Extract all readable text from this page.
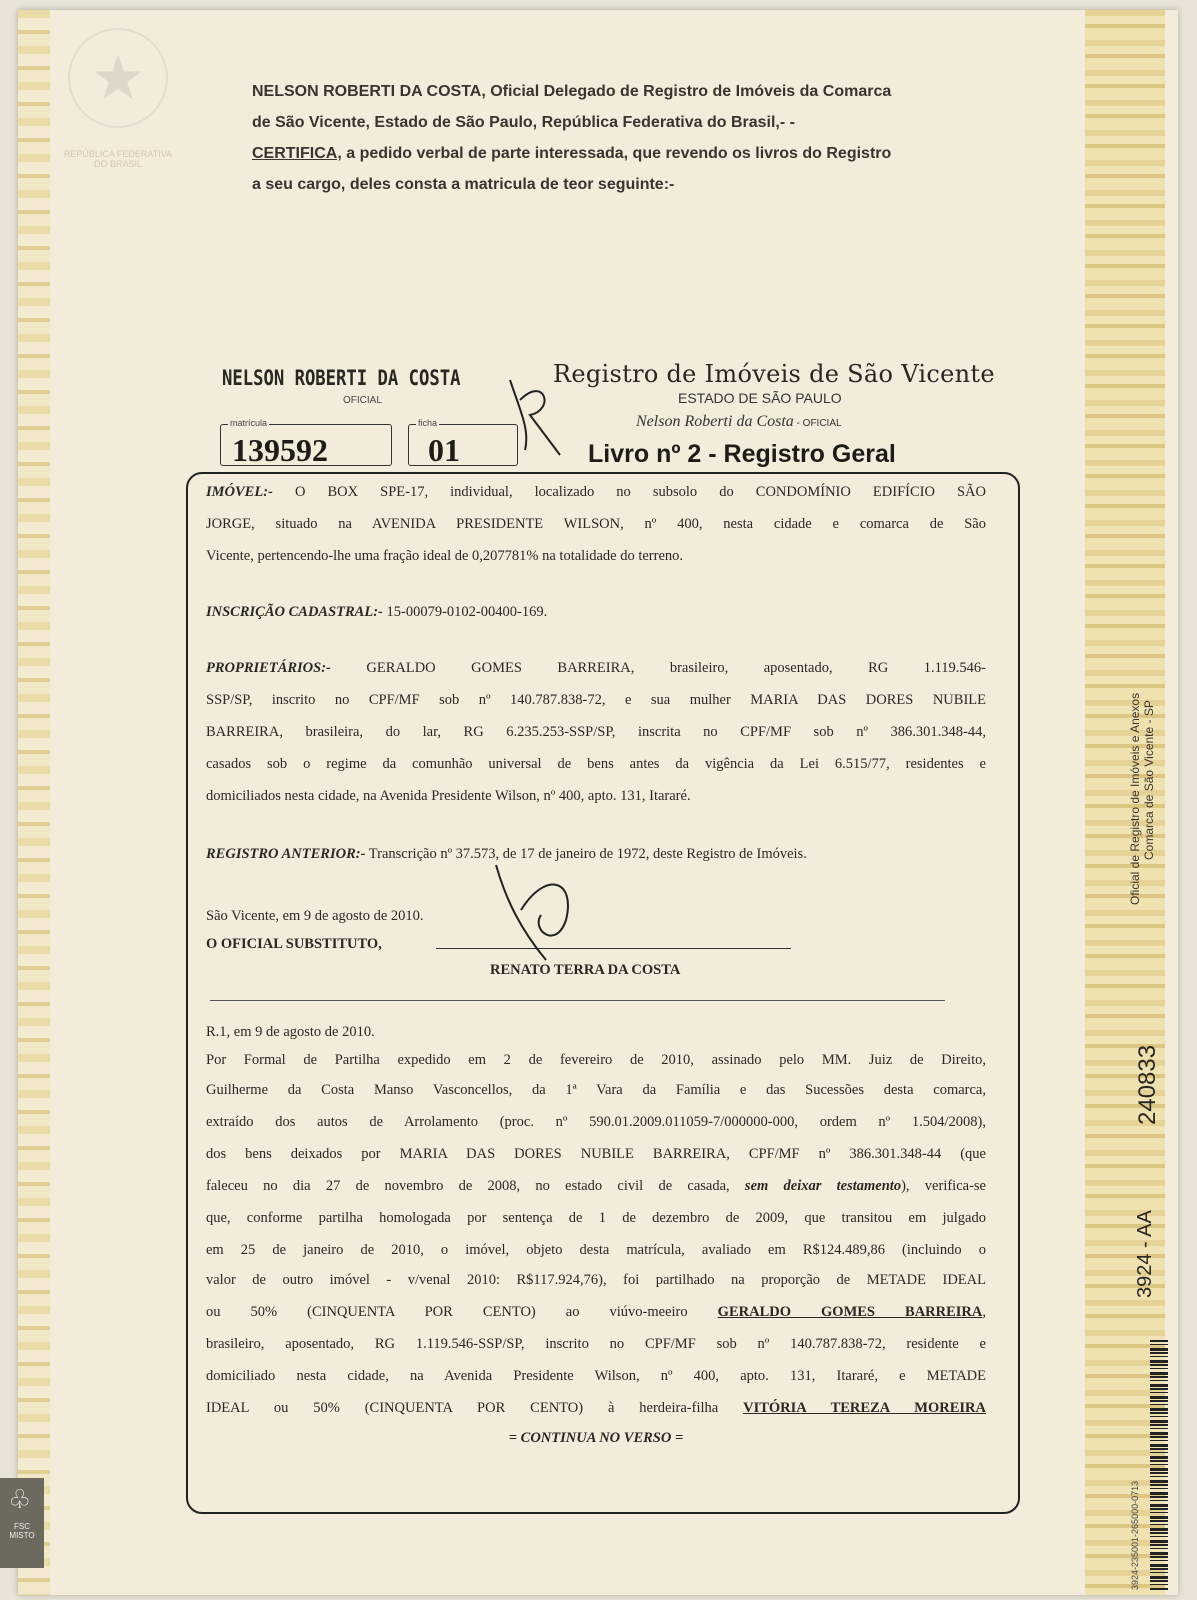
★
REPÚBLICA FEDERATIVA DO BRASIL
NELSON ROBERTI DA COSTA, Oficial Delegado de Registro de Imóveis da Comarca
de São Vicente, Estado de São Paulo, República Federativa do Brasil,- -
CERTIFICA, a pedido verbal de parte interessada, que revendo os livros do Registro
a seu cargo, deles consta a matricula de teor seguinte:-
NELSON ROBERTI DA COSTA
OFICIAL
Registro de Imóveis de São Vicente
ESTADO DE SÃO PAULO
Nelson Roberti da Costa - OFICIAL
Livro nº 2 - Registro Geral
matrícula
139592
ficha
01
IMÓVEL:- O BOX SPE-17, individual, localizado no subsolo do CONDOMÍNIO EDIFÍCIO SÃO
JORGE, situado na AVENIDA PRESIDENTE WILSON, nº 400, nesta cidade e comarca de São
Vicente, pertencendo-lhe uma fração ideal de 0,207781% na totalidade do terreno.
INSCRIÇÃO CADASTRAL:- 15-00079-0102-00400-169.
PROPRIETÁRIOS:- GERALDO GOMES BARREIRA, brasileiro, aposentado, RG 1.119.546-
SSP/SP, inscrito no CPF/MF sob nº 140.787.838-72, e sua mulher MARIA DAS DORES NUBILE
BARREIRA, brasileira, do lar, RG 6.235.253-SSP/SP, inscrita no CPF/MF sob nº 386.301.348-44,
casados sob o regime da comunhão universal de bens antes da vigência da Lei 6.515/77, residentes e
domiciliados nesta cidade, na Avenida Presidente Wilson, nº 400, apto. 131, Itararé.
REGISTRO ANTERIOR:- Transcrição nº 37.573, de 17 de janeiro de 1972, deste Registro de Imóveis.
São Vicente, em 9 de agosto de 2010.
O OFICIAL SUBSTITUTO,
RENATO TERRA DA COSTA
R.1, em 9 de agosto de 2010.
Por Formal de Partilha expedido em 2 de fevereiro de 2010, assinado pelo MM. Juiz de Direito,
Guilherme da Costa Manso Vasconcellos, da 1ª Vara da Família e das Sucessões desta comarca,
extraído dos autos de Arrolamento (proc. nº 590.01.2009.011059-7/000000-000, ordem nº 1.504/2008),
dos bens deixados por MARIA DAS DORES NUBILE BARREIRA, CPF/MF nº 386.301.348-44 (que
faleceu no dia 27 de novembro de 2008, no estado civil de casada, sem deixar testamento), verifica-se
que, conforme partilha homologada por sentença de 1 de dezembro de 2009, que transitou em julgado
em 25 de janeiro de 2010, o imóvel, objeto desta matrícula, avaliado em R$124.489,86 (incluindo o
valor de outro imóvel - v/venal 2010: R$117.924,76), foi partilhado na proporção de METADE IDEAL
ou 50% (CINQUENTA POR CENTO) ao viúvo-meeiro GERALDO GOMES BARREIRA,
brasileiro, aposentado, RG 1.119.546-SSP/SP, inscrito no CPF/MF sob nº 140.787.838-72, residente e
domiciliado nesta cidade, na Avenida Presidente Wilson, nº 400, apto. 131, Itararé, e METADE
IDEAL ou 50% (CINQUENTA POR CENTO) à herdeira-filha VITÓRIA TEREZA MOREIRA
= CONTINUA NO VERSO =
Oficial de Registro de Imóveis e Anexos Comarca de São Vicente - SP
240833
3924 - AA
3924-235001-265000-0713
♧
FSC
MISTO
